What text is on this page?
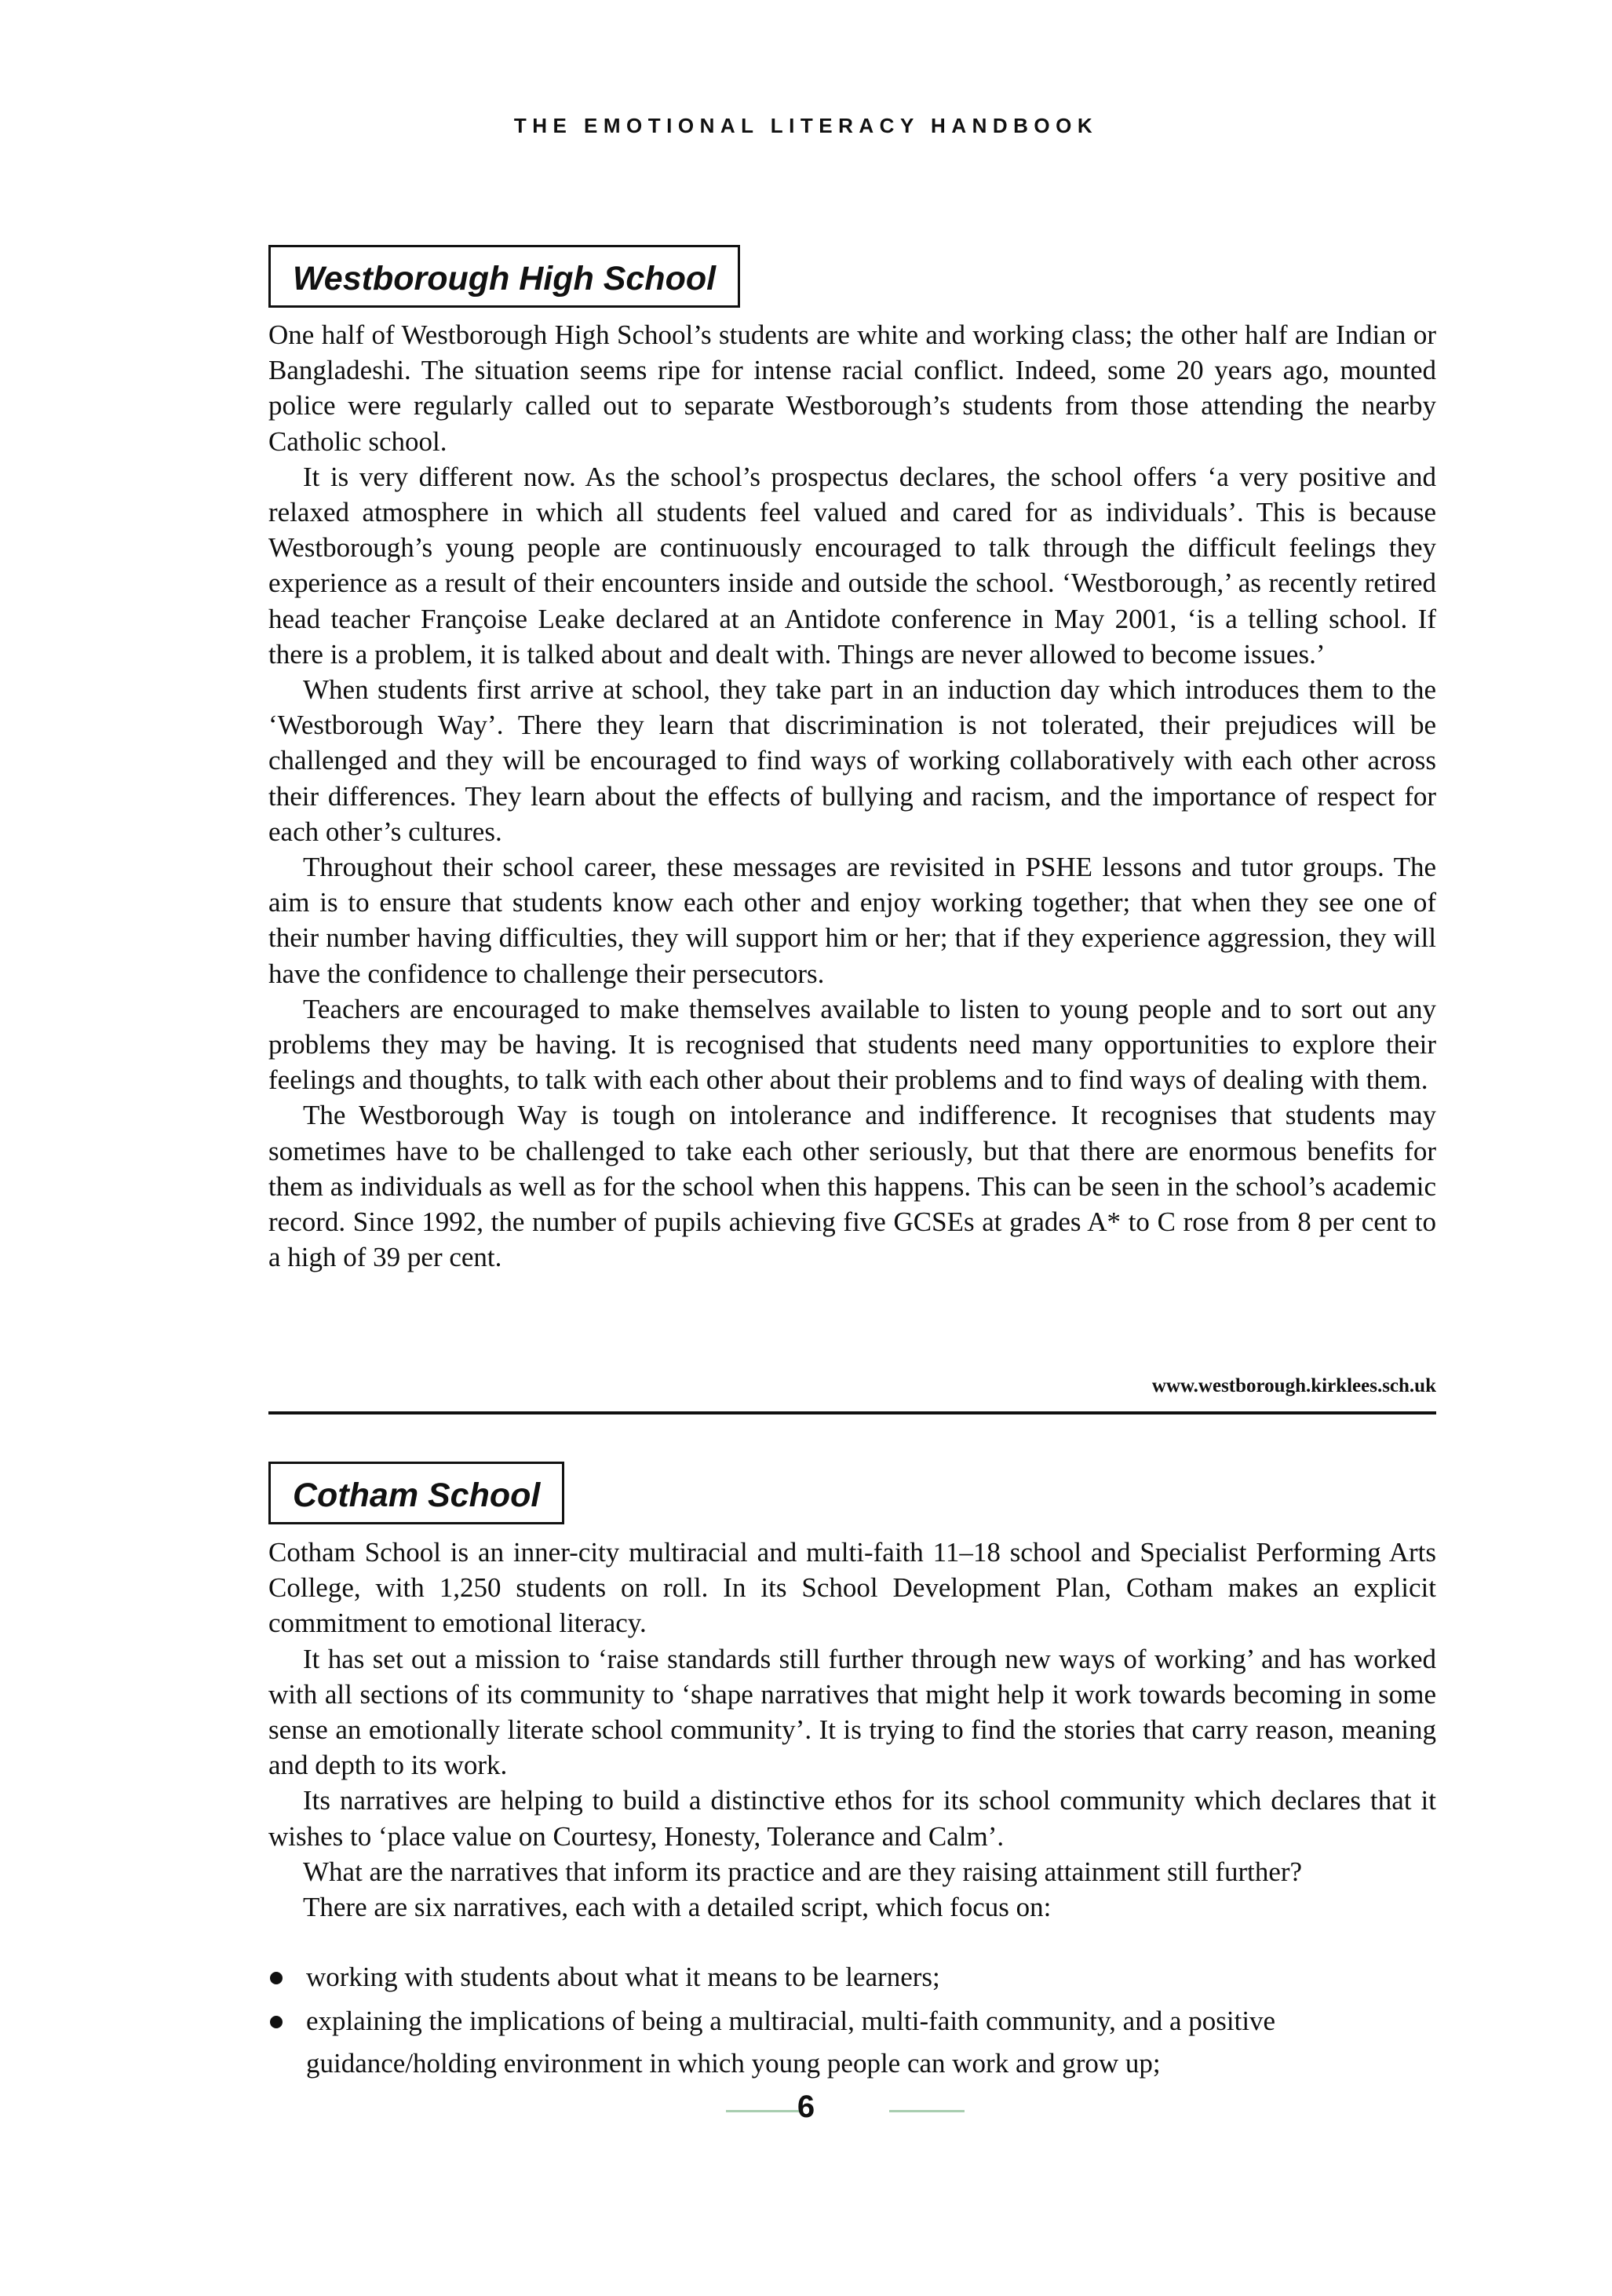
THE EMOTIONAL LITERACY HANDBOOK
Westborough High School

One half of Westborough High School’s students are white and working class; the other half are Indian or Bangladeshi. The situation seems ripe for intense racial conflict. Indeed, some 20 years ago, mounted police were regularly called out to separate Westborough’s students from those attending the nearby Catholic school.

It is very different now. As the school’s prospectus declares, the school offers ‘a very positive and relaxed atmosphere in which all students feel valued and cared for as individuals’. This is because Westborough’s young people are continuously encouraged to talk through the difficult feelings they experience as a result of their encounters inside and outside the school. ‘Westborough,’ as recently retired head teacher Françoise Leake declared at an Antidote conference in May 2001, ‘is a telling school. If there is a problem, it is talked about and dealt with. Things are never allowed to become issues.’

When students first arrive at school, they take part in an induction day which introduces them to the ‘Westborough Way’. There they learn that discrimination is not tolerated, their prejudices will be challenged and they will be encouraged to find ways of working collaboratively with each other across their differences. They learn about the effects of bullying and racism, and the importance of respect for each other’s cultures.

Throughout their school career, these messages are revisited in PSHE lessons and tutor groups. The aim is to ensure that students know each other and enjoy working together; that when they see one of their number having difficulties, they will support him or her; that if they experience aggression, they will have the confidence to challenge their persecutors.

Teachers are encouraged to make themselves available to listen to young people and to sort out any problems they may be having. It is recognised that students need many opportunities to explore their feelings and thoughts, to talk with each other about their problems and to find ways of dealing with them.

The Westborough Way is tough on intolerance and indifference. It recognises that students may sometimes have to be challenged to take each other seriously, but that there are enormous benefits for them as individuals as well as for the school when this happens. This can be seen in the school’s academic record. Since 1992, the number of pupils achieving five GCSEs at grades A* to C rose from 8 per cent to a high of 39 per cent.

www.westborough.kirklees.sch.uk
Cotham School

Cotham School is an inner-city multiracial and multi-faith 11–18 school and Specialist Performing Arts College, with 1,250 students on roll. In its School Development Plan, Cotham makes an explicit commitment to emotional literacy.

It has set out a mission to ‘raise standards still further through new ways of working’ and has worked with all sections of its community to ‘shape narratives that might help it work towards becoming in some sense an emotionally literate school community’. It is trying to find the stories that carry reason, meaning and depth to its work.

Its narratives are helping to build a distinctive ethos for its school community which declares that it wishes to ‘place value on Courtesy, Honesty, Tolerance and Calm’.

What are the narratives that inform its practice and are they raising attainment still further?

There are six narratives, each with a detailed script, which focus on:

working with students about what it means to be learners;
explaining the implications of being a multiracial, multi-faith community, and a positive guidance/holding environment in which young people can work and grow up;
6
